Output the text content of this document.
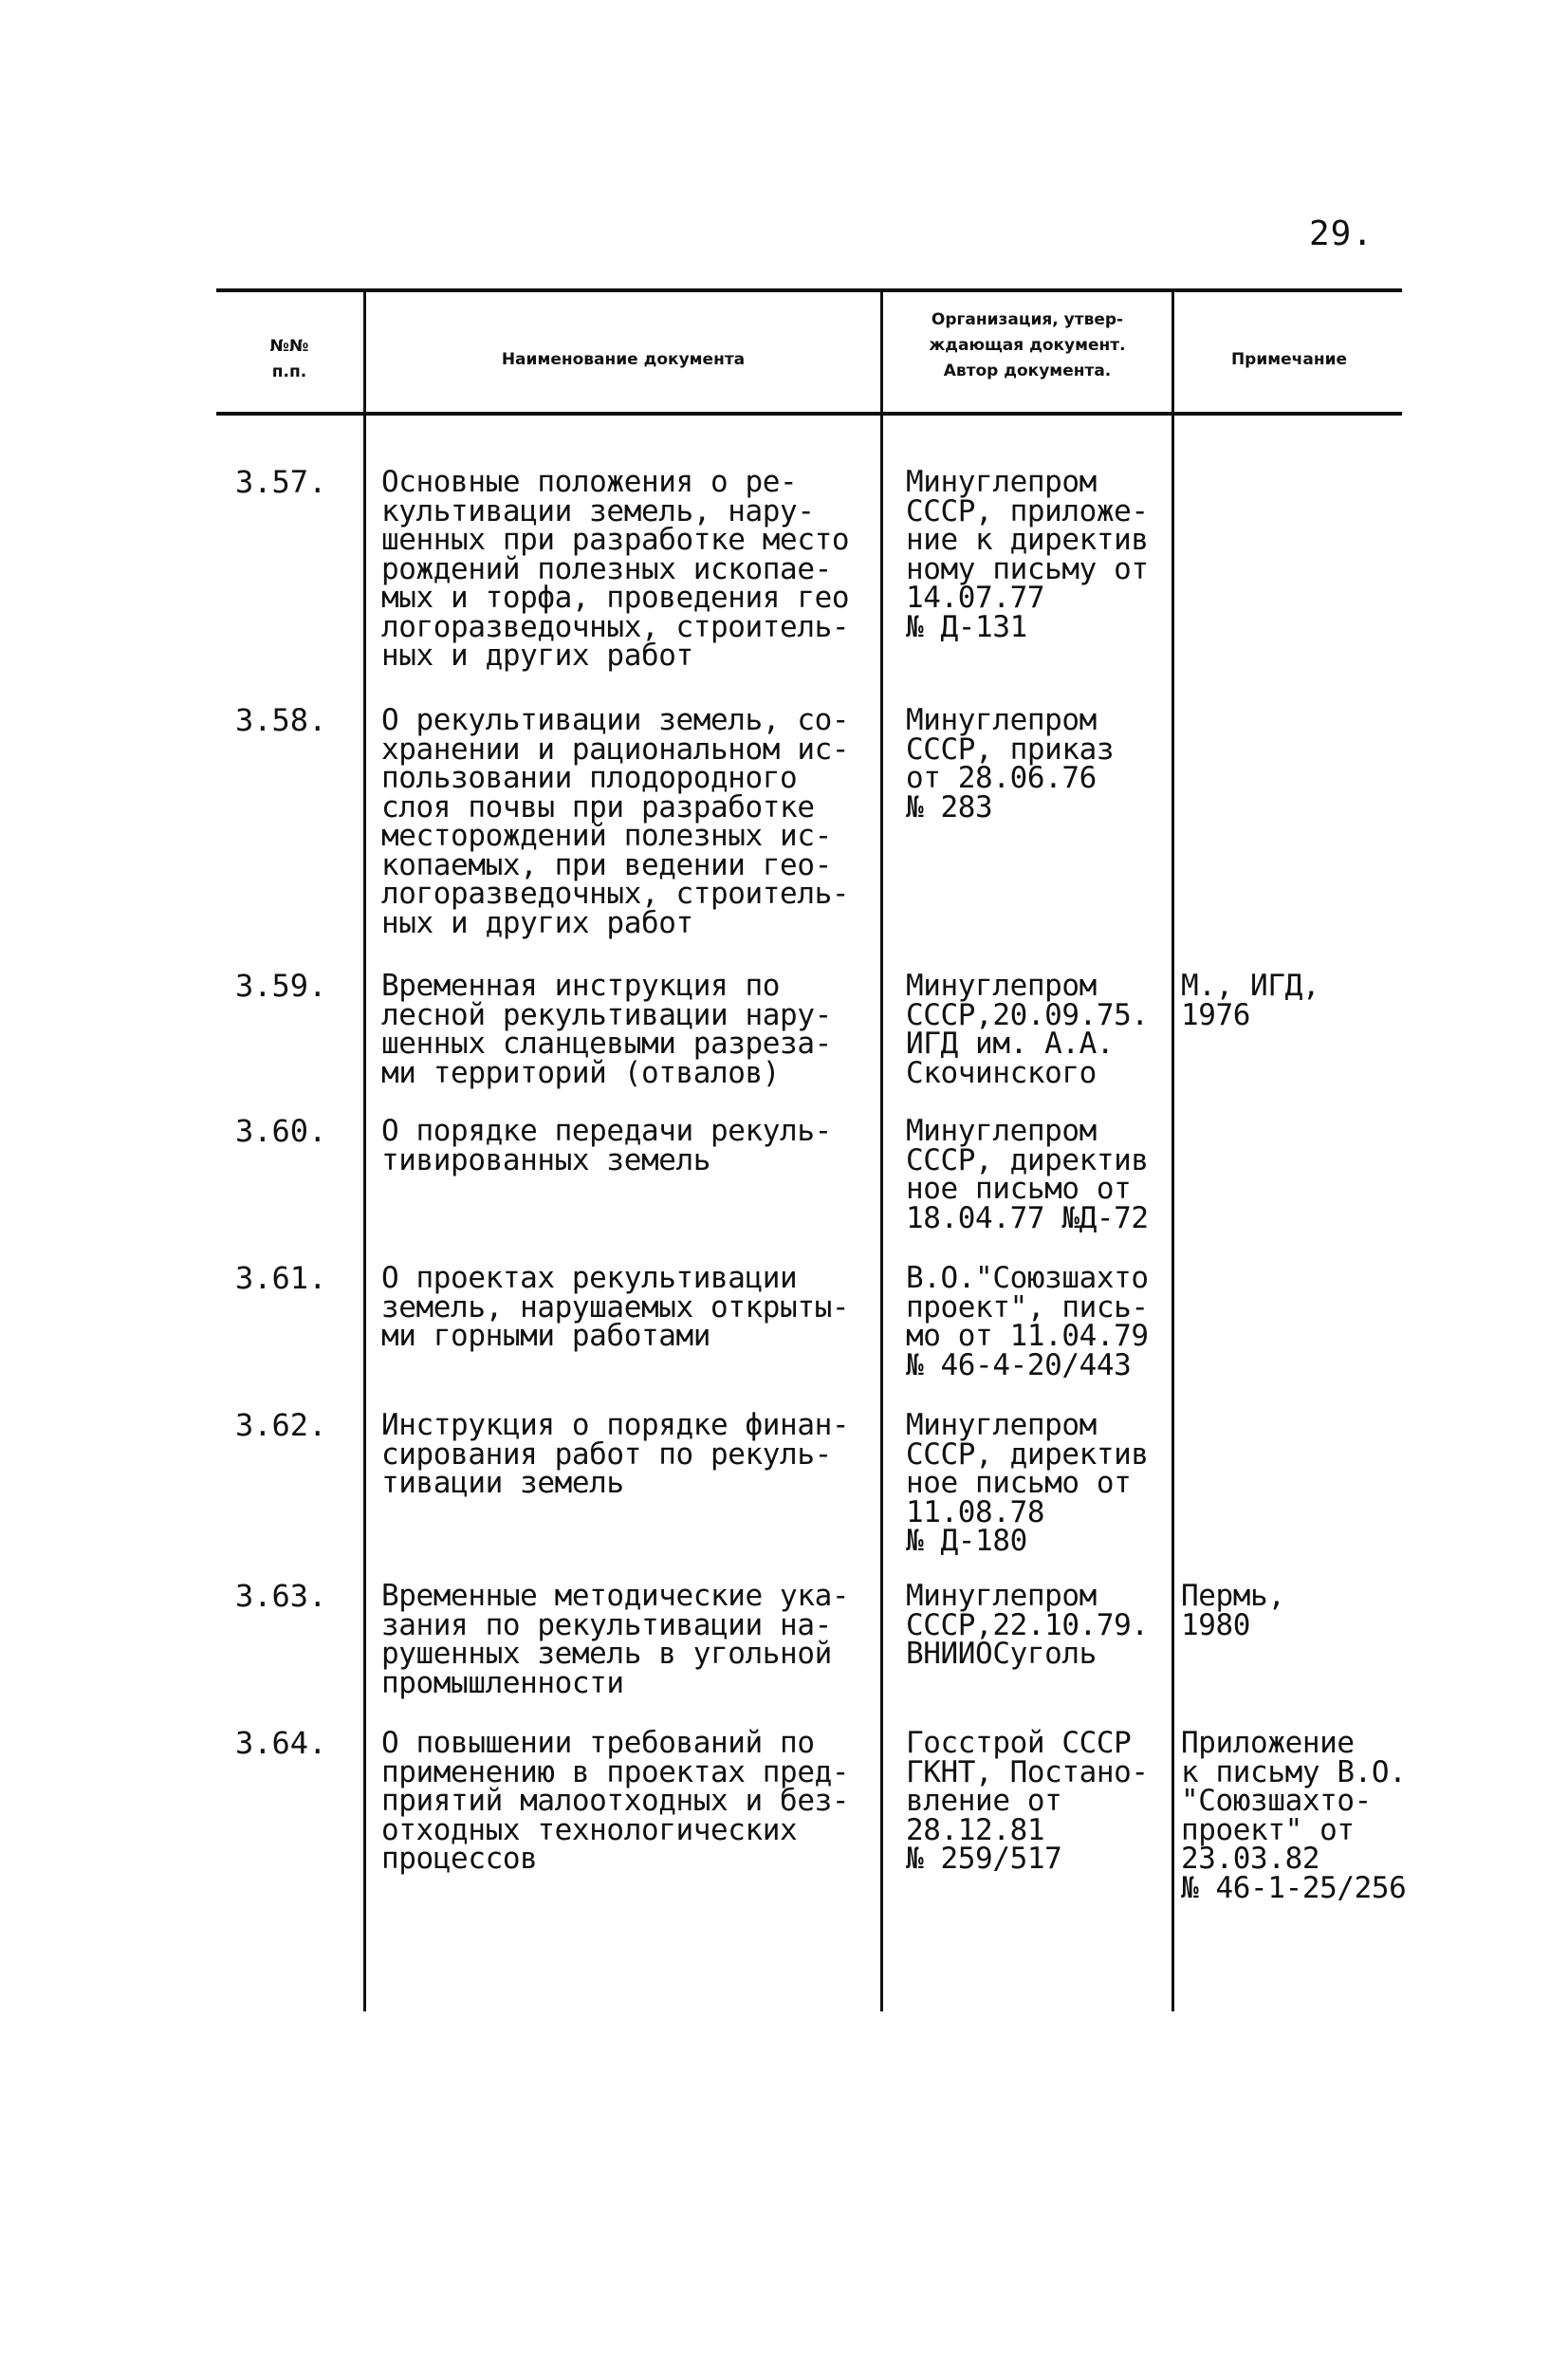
29.
№№
п.п.
Наименование документа
Организация, утвер-
ждающая документ.
Автор документа.
Примечание
3.57. Основные положения о ре-
культивации земель, нару-
шенных при разработке место
рождений полезных ископае-
мых и торфа, проведения гео
логоразведочных, строитель-
ных и других работ
Минуглепром
СССР, приложе-
ние к директив
ному письму от
14.07.77
№ Д-131
3.58. О рекультивации земель, со-
хранении и рациональном ис-
пользовании плодородного
слоя почвы при разработке
месторождений полезных ис-
копаемых, при ведении гео-
логоразведочных, строитель-
ных и других работ
Минуглепром
СССР, приказ
от 28.06.76
№ 283
3.59. Временная инструкция по
лесной рекультивации нару-
шенных сланцевыми разреза-
ми территорий (отвалов)
Минуглепром
СССР,20.09.75.
ИГД им. А.А.
Скочинского
М., ИГД,
1976
3.60. О порядке передачи рекуль-
тивированных земель
Минуглепром
СССР, директив
ное письмо от
18.04.77 №Д-72
3.61. О проектах рекультивации
земель, нарушаемых открыты-
ми горными работами
В.О."Союзшахто
проект", пись-
мо от 11.04.79
№ 46-4-20/443
3.62. Инструкция о порядке финан-
сирования работ по рекуль-
тивации земель
Минуглепром
СССР, директив
ное письмо от
11.08.78
№ Д-180
3.63. Временные методические ука-
зания по рекультивации на-
рушенных земель в угольной
промышленности
Минуглепром
СССР,22.10.79.
ВНИИОСуголь
Пермь,
1980
3.64. О повышении требований по
применению в проектах пред-
приятий малоотходных и без-
отходных технологических
процессов
Госстрой СССР
ГКНТ, Постано-
вление от
28.12.81
№ 259/517
Приложение
к письму В.О.
"Союзшахто-
проект" от
23.03.82
№ 46-1-25/256
